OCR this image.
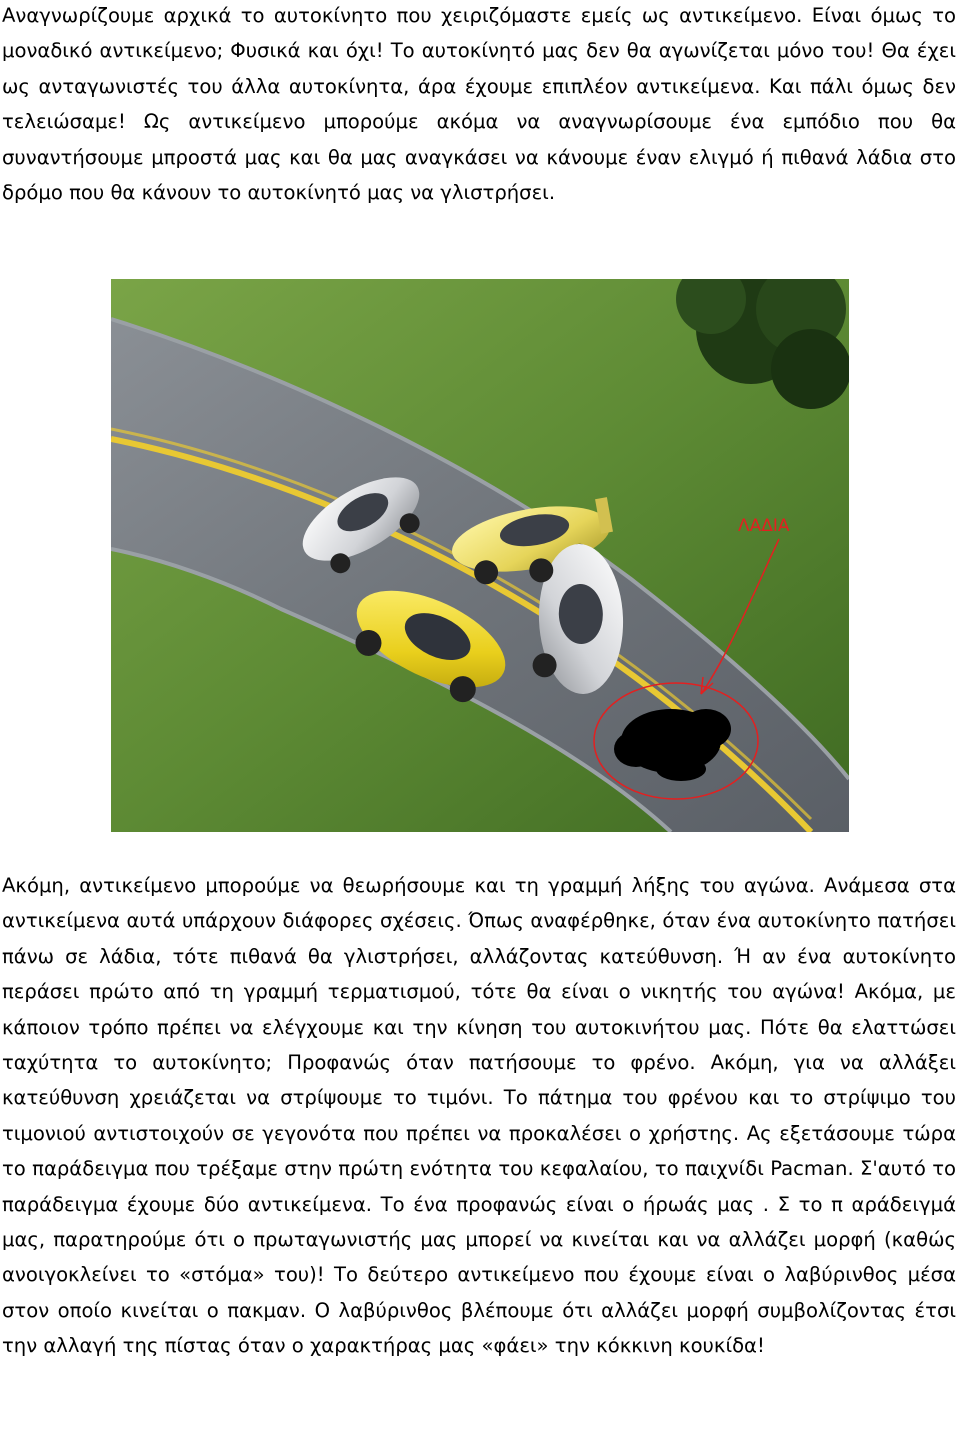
Αναγνωρίζουμε αρχικά το αυτοκίνητο που χειριζόμαστε εμείς ως αντικείμενο. Είναι όμως το μοναδικό αντικείμενο; Φυσικά και όχι! Το αυτοκίνητό μας δεν θα αγωνίζεται μόνο του! Θα έχει ως ανταγωνιστές του άλλα αυτοκίνητα, άρα έχουμε επιπλέον αντικείμενα. Και πάλι όμως δεν τελειώσαμε! Ως αντικείμενο μπορούμε ακόμα να αναγνωρίσουμε ένα εμπόδιο που θα συναντήσουμε μπροστά μας και θα μας αναγκάσει να κάνουμε έναν ελιγμό ή πιθανά λάδια στο δρόμο που θα κάνουν το αυτοκίνητό μας να γλιστρήσει.

ΛΑΔΙΑ

Ακόμη, αντικείμενο μπορούμε να θεωρήσουμε και τη γραμμή λήξης του αγώνα. Ανάμεσα στα αντικείμενα αυτά υπάρχουν διάφορες σχέσεις. Όπως αναφέρθηκε, όταν ένα αυτοκίνητο πατήσει πάνω σε λάδια, τότε πιθανά θα γλιστρήσει, αλλάζοντας κατεύθυνση. Ή αν ένα αυτοκίνητο περάσει πρώτο από τη γραμμή τερματισμού, τότε θα είναι ο νικητής του αγώνα! Ακόμα, με κάποιον τρόπο πρέπει να ελέγχουμε και την κίνηση του αυτοκινήτου μας. Πότε θα ελαττώσει ταχύτητα το αυτοκίνητο; Προφανώς όταν πατήσουμε το φρένο. Ακόμη, για να αλλάξει κατεύθυνση χρειάζεται να στρίψουμε το τιμόνι. Το πάτημα του φρένου και το στρίψιμο του τιμονιού αντιστοιχούν σε γεγονότα που πρέπει να προκαλέσει ο χρήστης. Ας εξετάσουμε τώρα το παράδειγμα που τρέξαμε στην πρώτη ενότητα του κεφαλαίου, το παιχνίδι Pacman. Σ'αυτό το παράδειγμα έχουμε δύο αντικείμενα. Το ένα προφανώς είναι ο ήρωάς μας . Σ το π αράδειγμά μας, παρατηρούμε ότι ο πρωταγωνιστής μας μπορεί να κινείται και να αλλάζει μορφή (καθώς ανοιγοκλείνει το «στόμα» του)! Το δεύτερο αντικείμενο που έχουμε είναι ο λαβύρινθος μέσα στον οποίο κινείται ο πακμαν. Ο λαβύρινθος βλέπουμε ότι αλλάζει μορφή συμβολίζοντας έτσι την αλλαγή της πίστας όταν ο χαρακτήρας μας «φάει» την κόκκινη κουκίδα!
